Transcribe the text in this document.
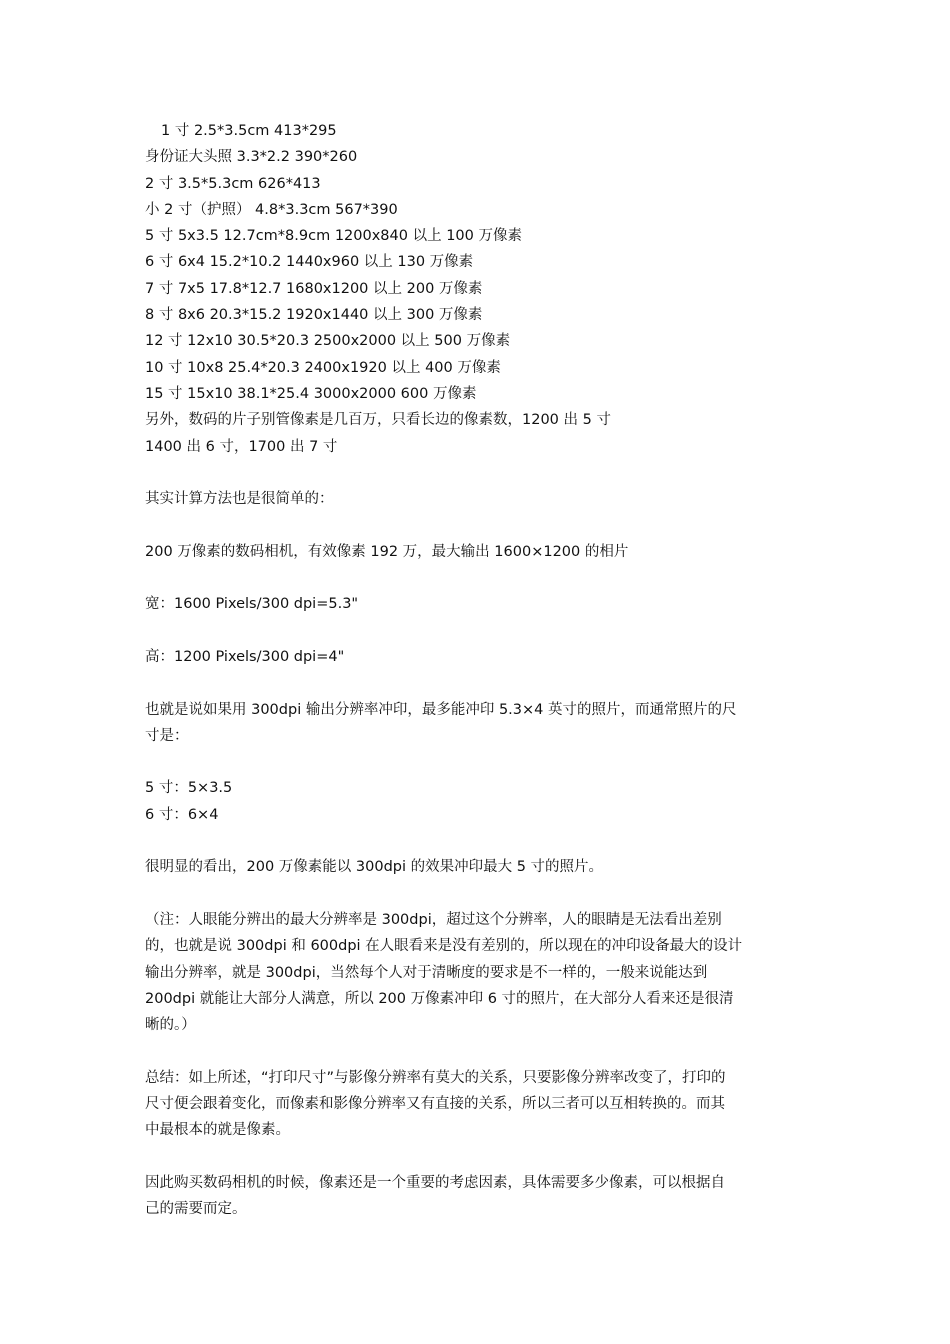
1 寸 2.5*3.5cm 413*295

身份证大头照 3.3*2.2 390*260

2 寸 3.5*5.3cm 626*413

小 2 寸（护照） 4.8*3.3cm 567*390

5 寸 5x3.5 12.7cm*8.9cm 1200x840 以上 100 万像素

6 寸 6x4 15.2*10.2 1440x960 以上 130 万像素

7 寸 7x5 17.8*12.7 1680x1200 以上 200 万像素

8 寸 8x6 20.3*15.2 1920x1440 以上 300 万像素

12 寸 12x10 30.5*20.3 2500x2000 以上 500 万像素

10 寸 10x8 25.4*20.3 2400x1920 以上 400 万像素

15 寸 15x10 38.1*25.4 3000x2000 600 万像素

另外，数码的片子别管像素是几百万，只看长边的像素数，1200 出 5 寸

1400 出 6 寸，1700 出 7 寸

其实计算方法也是很简单的：

200 万像素的数码相机，有效像素 192 万，最大输出 1600×1200 的相片

宽：1600 Pixels/300 dpi=5.3"

高：1200 Pixels/300 dpi=4"

也就是说如果用 300dpi 输出分辨率冲印，最多能冲印 5.3×4 英寸的照片，而通常照片的尺

寸是：

5 寸：5×3.5

6 寸：6×4

很明显的看出，200 万像素能以 300dpi 的效果冲印最大 5 寸的照片。

（注：人眼能分辨出的最大分辨率是 300dpi，超过这个分辨率，人的眼睛是无法看出差别

的，也就是说 300dpi 和 600dpi 在人眼看来是没有差别的，所以现在的冲印设备最大的设计

输出分辨率，就是 300dpi，当然每个人对于清晰度的要求是不一样的，一般来说能达到

200dpi 就能让大部分人满意，所以 200 万像素冲印 6 寸的照片，在大部分人看来还是很清

晰的。）

总结：如上所述，“打印尺寸”与影像分辨率有莫大的关系，只要影像分辨率改变了，打印的

尺寸便会跟着变化，而像素和影像分辨率又有直接的关系，所以三者可以互相转换的。而其

中最根本的就是像素。

因此购买数码相机的时候，像素还是一个重要的考虑因素，具体需要多少像素，可以根据自

己的需要而定。
